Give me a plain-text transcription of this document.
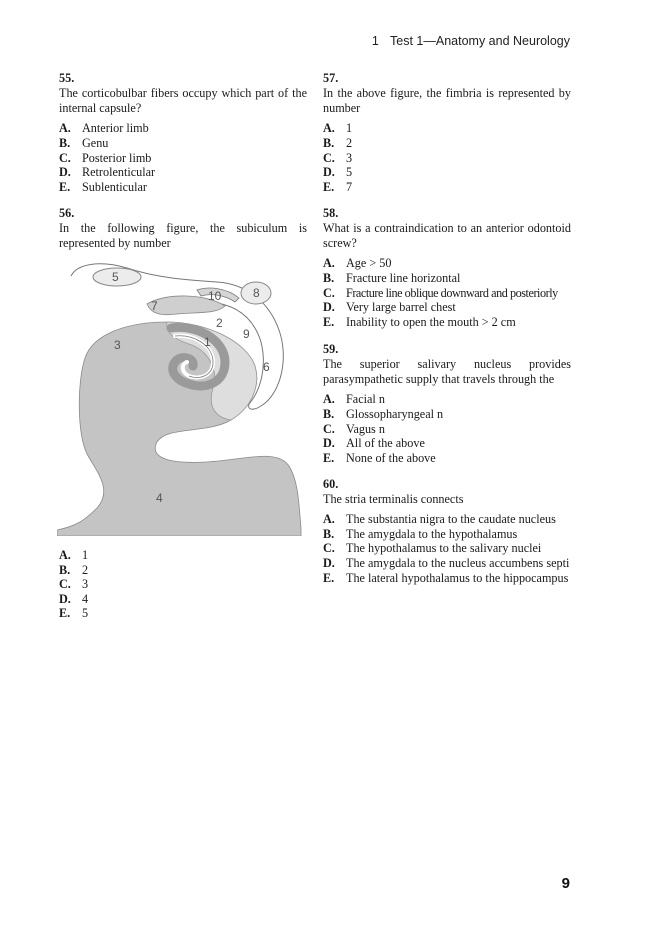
1 Test 1—Anatomy and Neurology

55.

The corticobulbar fibers occupy which part of the internal capsule?

A. Anterior limb
B. Genu
C. Posterior limb
D. Retrolenticular
E. Sublenticular

56.

In the following figure, the subiculum is represented by number

5
10	8
7
2
9
1
3
6
4
A. 1
B. 2
C. 3
D. 4
E. 5

57.

In the above figure, the fimbria is represented by number

A. 1
B. 2
C. 3
D. 5
E. 7

58.

What is a contraindication to an anterior odontoid screw?

A. Age > 50
B. Fracture line horizontal
C. Fracture line oblique downward and posteriorly
D. Very large barrel chest
E. Inability to open the mouth > 2 cm

59.

The superior salivary nucleus provides parasympathetic supply that travels through the

A. Facial n
B. Glossopharyngeal n
C. Vagus n
D. All of the above
E. None of the above

60.

The stria terminalis connects

A. The substantia nigra to the caudate nucleus
B. The amygdala to the hypothalamus
C. The hypothalamus to the salivary nuclei
D. The amygdala to the nucleus accumbens septi
E. The lateral hypothalamus to the hippocampus
9
